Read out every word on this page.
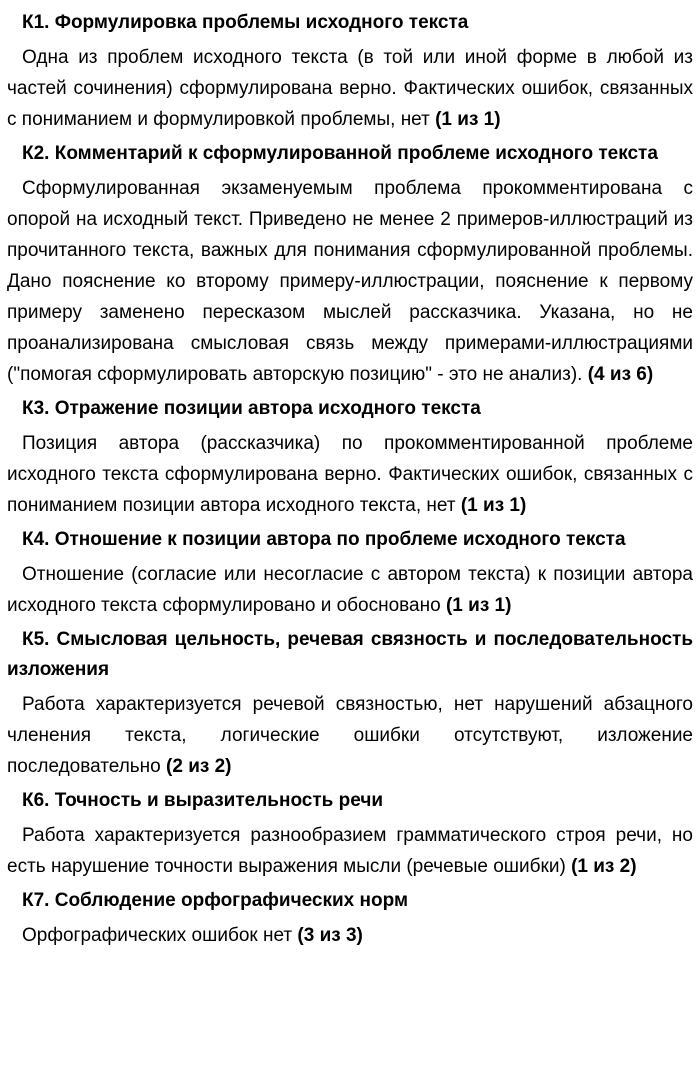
К1. Формулировка проблемы исходного текста

Одна из проблем исходного текста (в той или иной форме в любой из частей сочинения) сформулирована верно. Фактических ошибок, связанных с пониманием и формулировкой проблемы, нет (1 из 1)

К2. Комментарий к сформулированной проблеме исходного текста

Сформулированная экзаменуемым проблема прокомментирована с опорой на исходный текст. Приведено не менее 2 примеров-иллюстраций из прочитанного текста, важных для понимания сформулированной проблемы. Дано пояснение ко второму примеру-иллюстрации, пояснение к первому примеру заменено пересказом мыслей рассказчика. Указана, но не проанализирована смысловая связь между примерами-иллюстрациями ("помогая сформулировать авторскую позицию" - это не анализ). (4 из 6)

К3. Отражение позиции автора исходного текста

Позиция автора (рассказчика) по прокомментированной проблеме исходного текста сформулирована верно. Фактических ошибок, связанных с пониманием позиции автора исходного текста, нет (1 из 1)

К4. Отношение к позиции автора по проблеме исходного текста

Отношение (согласие или несогласие с автором текста) к позиции автора исходного текста сформулировано и обосновано (1 из 1)

К5. Смысловая цельность, речевая связность и последовательность изложения

Работа характеризуется речевой связностью, нет нарушений абзацного членения текста, логические ошибки отсутствуют, изложение последовательно (2 из 2)

К6. Точность и выразительность речи

Работа характеризуется разнообразием грамматического строя речи, но есть нарушение точности выражения мысли (речевые ошибки) (1 из 2)

К7. Соблюдение орфографических норм

Орфографических ошибок нет (3 из 3)
